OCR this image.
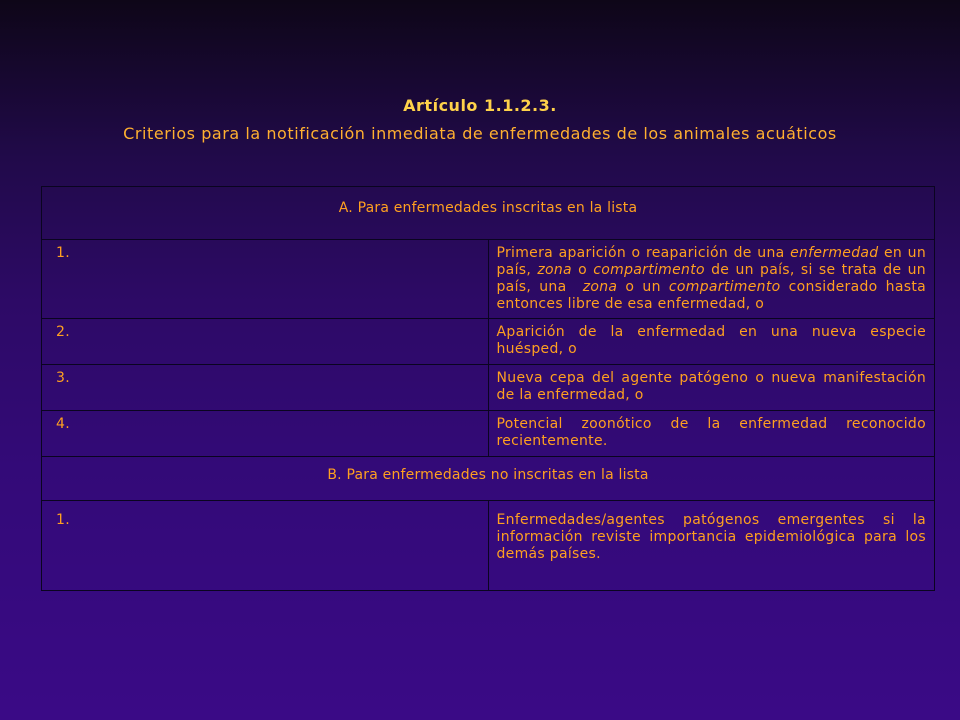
Artículo 1.1.2.3.
Criterios para la notificación inmediata de enfermedades de los animales acuáticos
A. Para enfermedades inscritas en la lista	
1.	Primera aparición o reaparición de una enfermedad en un país, zona o compartimento de un país, si se trata de un país, una  zona o un compartimento considerado hasta entonces libre de esa enfermedad, o
2.	Aparición de la enfermedad en una nueva especie huésped, o
3.	Nueva cepa del agente patógeno o nueva manifestación de la enfermedad, o
4.	Potencial zoonótico de la enfermedad reconocido recientemente.
B. Para enfermedades no inscritas en la lista	
1.	Enfermedades/agentes patógenos emergentes si la información reviste importancia epidemiológica para los demás países.
